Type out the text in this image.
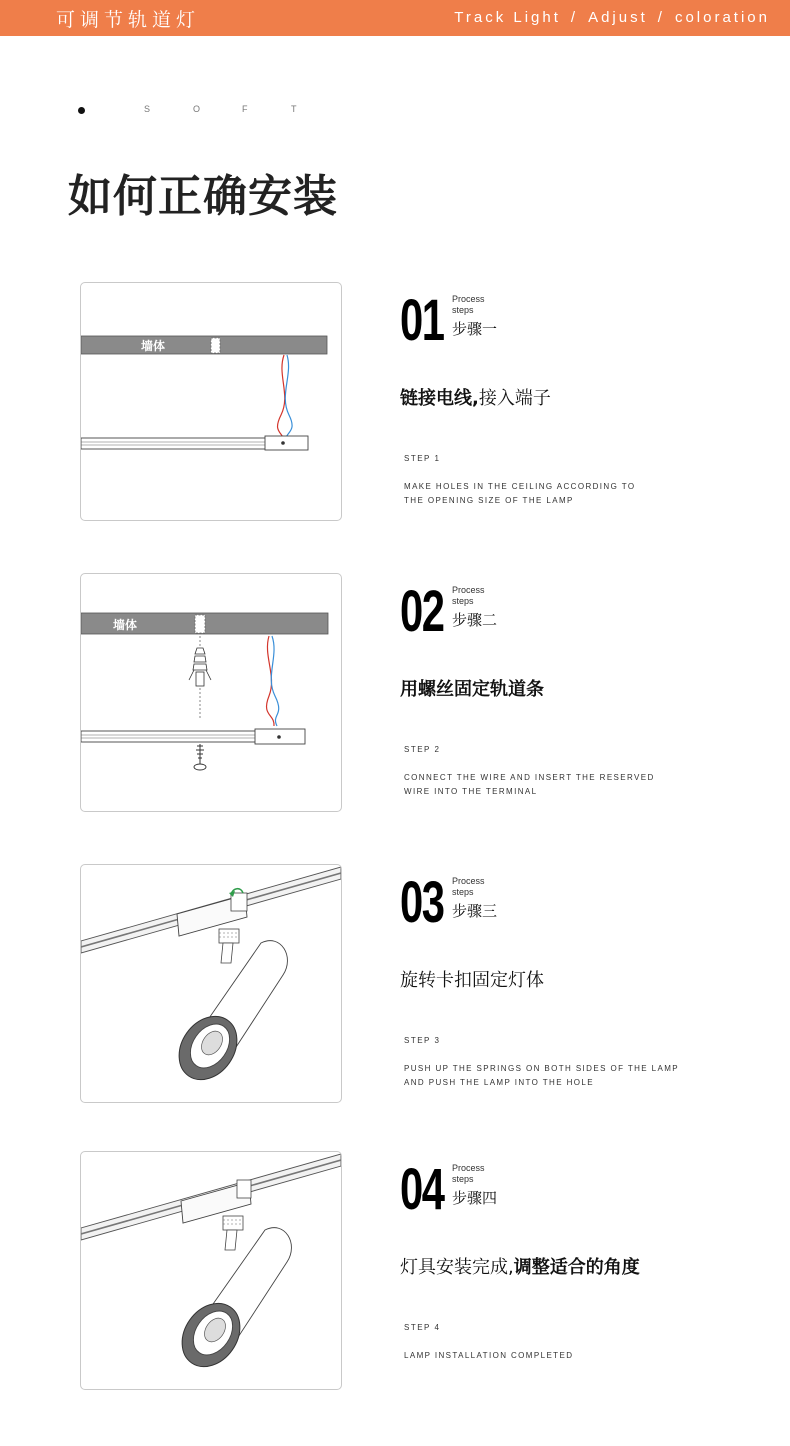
可调节轨道灯	Track Light / Adjust / coloration
S	O	F	T
如何正确安装
墙体	01 Process
steps
步骤一
链接电线,接入端子
STEP 1
MAKE HOLES IN THE CEILING ACCORDING TO
THE OPENING SIZE OF THE LAMP
墙体	02 Process
steps
步骤二
用螺丝固定轨道条
STEP 2
CONNECT THE WIRE AND INSERT THE RESERVED
WIRE INTO THE TERMINAL
03 Process
steps
步骤三
旋转卡扣固定灯体
STEP 3
PUSH UP THE SPRINGS ON BOTH SIDES OF THE LAMP
AND PUSH THE LAMP INTO THE HOLE
04 Process
steps
步骤四
灯具安装完成,调整适合的角度
STEP 4
LAMP INSTALLATION COMPLETED
